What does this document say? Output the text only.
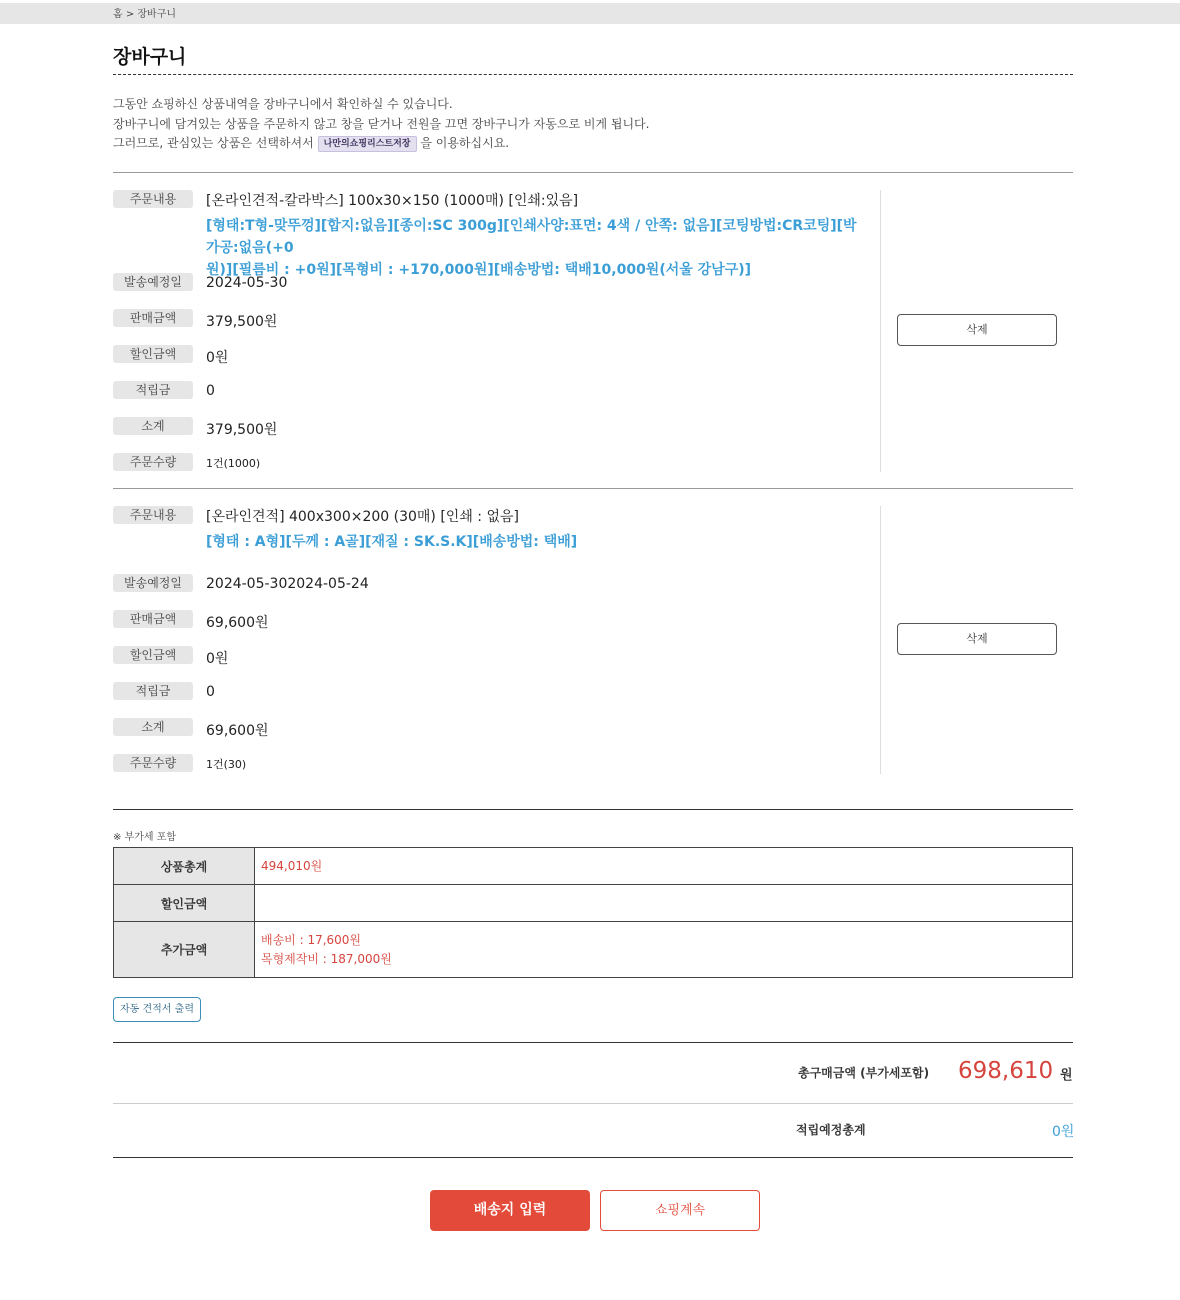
홈 > 장바구니
장바구니

그동안 쇼핑하신 상품내역을 장바구니에서 확인하실 수 있습니다.

장바구니에 담겨있는 상품을 주문하지 않고 창을 닫거나 전원을 끄면 장바구니가 자동으로 비게 됩니다.

그러므로, 관심있는 상품은 선택하셔서 나만의쇼핑리스트저장 을 이용하십시요.

주문내용	[온라인견적-칼라박스] 100x30×150 (1000매) [인쇄:있음]
[형태:T형-맞뚜껑][합지:없음][종이:SC 300g][인쇄사양:표면: 4색 / 안쪽: 없음][코팅방법:CR코팅][박가공:없음(+0
원)][필름비 : +0원][목형비 : +170,000원][배송방법: 택배10,000원(서울 강남구)]
발송예정일	2024-05-30
판매금액	379,500원
할인금액	0원
적립금	0
소계	379,500원
주문수량	1건(1000)
삭제
주문내용	[온라인견적] 400x300×200 (30매) [인쇄 : 없음]
[형태 : A형][두께 : A골][재질 : SK.S.K][배송방법: 택배]
발송예정일	2024-05-302024-05-24
판매금액	69,600원
할인금액	0원
적립금	0
소계	69,600원
주문수량	1건(30)
삭제
※ 부가세 포함
상품총계	494,010원
할인금액	
추가금액	배송비 : 17,600원
목형제작비 : 187,000원
자동 견적서 출력
총구매금액 (부가세포함) 698,610 원
적립예정총계	0원
배송지 입력	쇼핑계속
